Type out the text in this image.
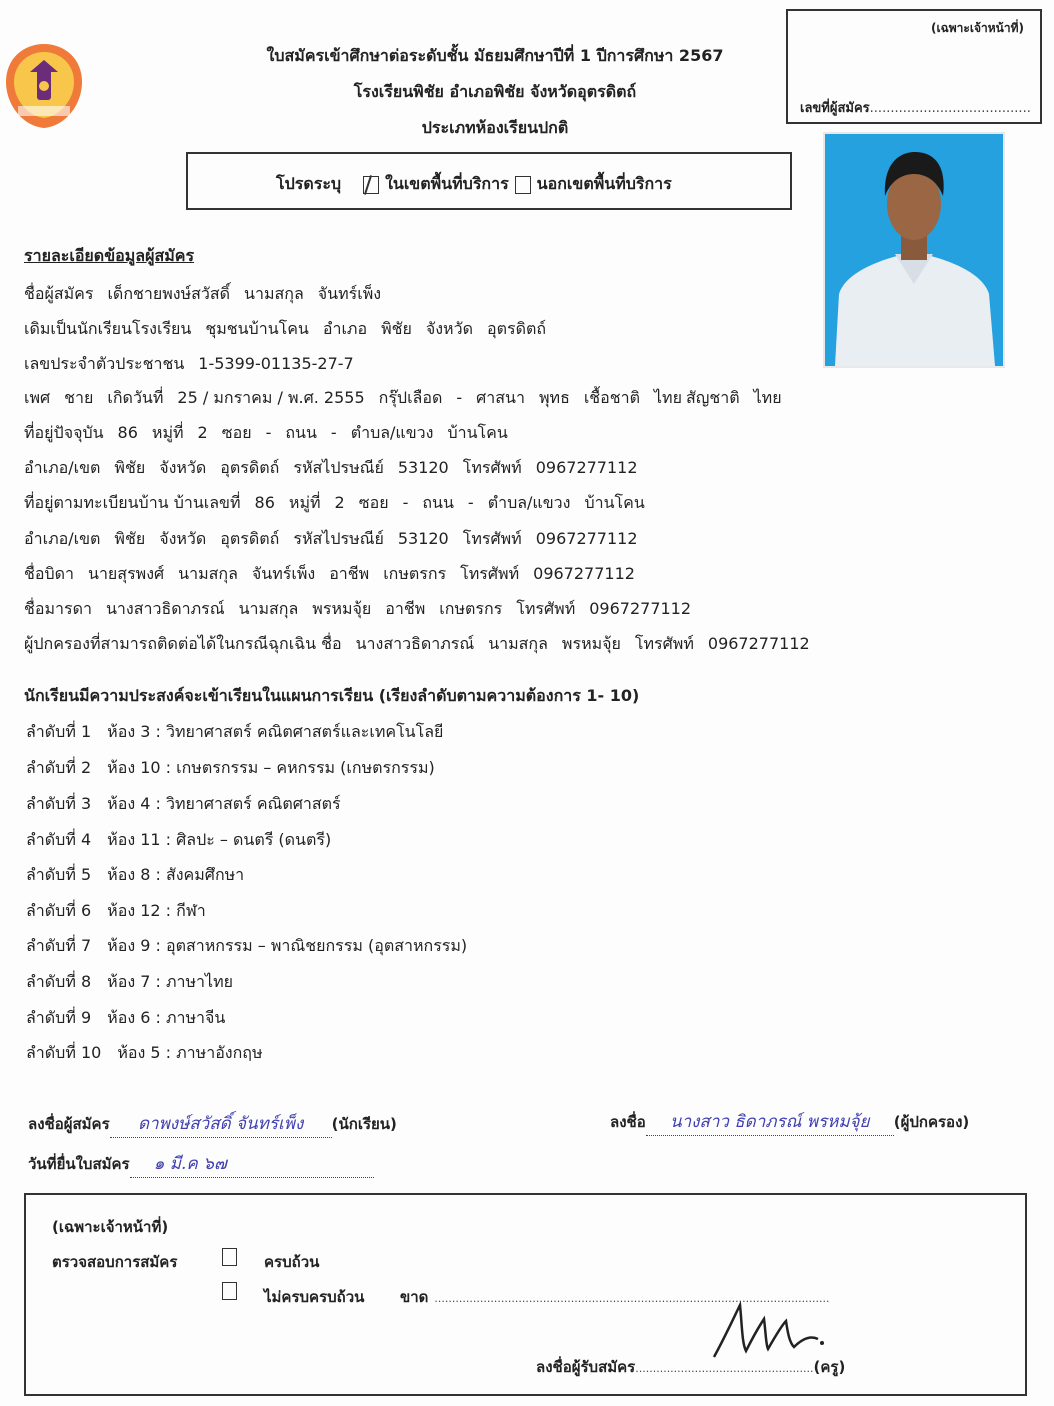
ใบสมัครเข้าศึกษาต่อระดับชั้น มัธยมศึกษาปีที่ 1 ปีการศึกษา 2567
โรงเรียนพิชัย อำเภอพิชัย จังหวัดอุตรดิตถ์
ประเภทห้องเรียนปกติ
(เฉพาะเจ้าหน้าที่)
เลขที่ผู้สมัคร.......................................
โปรดระบุ	ในเขตพื้นที่บริการ นอกเขตพื้นที่บริการ
รายละเอียดข้อมูลผู้สมัคร
ชื่อผู้สมัคร เด็กชายพงษ์สวัสดิ์ นามสกุล จันทร์เพ็ง
เดิมเป็นนักเรียนโรงเรียน ชุมชนบ้านโคน อำเภอ พิชัย จังหวัด อุตรดิตถ์
เลขประจำตัวประชาชน 1-5399-01135-27-7
เพศ ชาย เกิดวันที่ 25 / มกราคม / พ.ศ. 2555 กรุ๊ปเลือด - ศาสนา พุทธ เชื้อชาติ ไทย สัญชาติ ไทย
ที่อยู่ปัจจุบัน 86 หมู่ที่ 2 ซอย - ถนน - ตำบล/แขวง บ้านโคน
อำเภอ/เขต พิชัย จังหวัด อุตรดิตถ์ รหัสไปรษณีย์ 53120 โทรศัพท์ 0967277112
ที่อยู่ตามทะเบียนบ้าน บ้านเลขที่ 86 หมู่ที่ 2 ซอย - ถนน - ตำบล/แขวง บ้านโคน
อำเภอ/เขต พิชัย จังหวัด อุตรดิตถ์ รหัสไปรษณีย์ 53120 โทรศัพท์ 0967277112
ชื่อบิดา นายสุรพงศ์ นามสกุล จันทร์เพ็ง อาชีพ เกษตรกร โทรศัพท์ 0967277112
ชื่อมารดา นางสาวธิดาภรณ์ นามสกุล พรหมจุ้ย อาชีพ เกษตรกร โทรศัพท์ 0967277112
ผู้ปกครองที่สามารถติดต่อได้ในกรณีฉุกเฉิน ชื่อ นางสาวธิดาภรณ์ นามสกุล พรหมจุ้ย โทรศัพท์ 0967277112
นักเรียนมีความประสงค์จะเข้าเรียนในแผนการเรียน (เรียงลำดับตามความต้องการ 1- 10)
ลำดับที่ 1 ห้อง 3 : วิทยาศาสตร์ คณิตศาสตร์และเทคโนโลยี
ลำดับที่ 2 ห้อง 10 : เกษตรกรรม – คหกรรม (เกษตรกรรม)
ลำดับที่ 3 ห้อง 4 : วิทยาศาสตร์ คณิตศาสตร์
ลำดับที่ 4 ห้อง 11 : ศิลปะ – ดนตรี (ดนตรี)
ลำดับที่ 5 ห้อง 8 : สังคมศึกษา
ลำดับที่ 6 ห้อง 12 : กีฬา
ลำดับที่ 7 ห้อง 9 : อุตสาหกรรม – พาณิชยกรรม (อุตสาหกรรม)
ลำดับที่ 8 ห้อง 7 : ภาษาไทย
ลำดับที่ 9 ห้อง 6 : ภาษาจีน
ลำดับที่ 10 ห้อง 5 : ภาษาอังกฤษ
ลงชื่อผู้สมัคร ดาพงษ์สวัสดิ์ จันทร์เพ็ง (นักเรียน)	ลงชื่อ นางสาว ธิดาภรณ์ พรหมจุ้ย (ผู้ปกครอง)
วันที่ยื่นใบสมัคร ๑ มี.ค ๖๗
(เฉพาะเจ้าหน้าที่)
ตรวจสอบการสมัคร	ครบถ้วน
ไม่ครบครบถ้วน ขาด .................................................................................................................
ลงชื่อผู้รับสมัคร...................................................(ครู)
